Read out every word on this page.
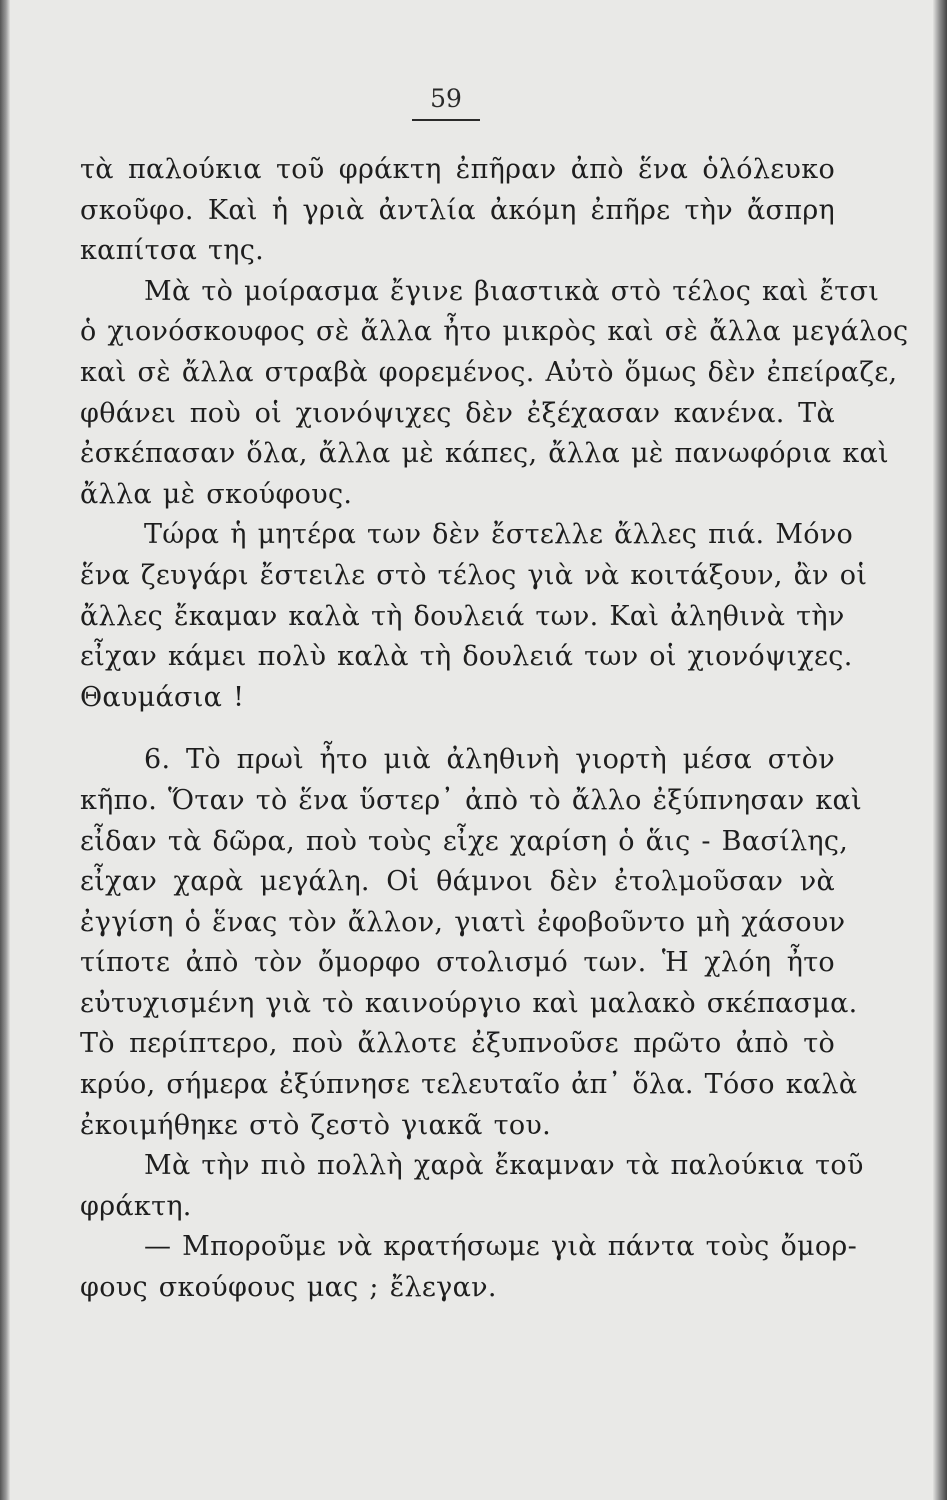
59
τὰ παλούκια τοῦ φράκτη ἐπῆραν ἀπὸ ἕνα ὁλόλευκο
σκοῦφο. Καὶ ἡ γριὰ ἀντλία ἀκόμη ἐπῆρε τὴν ἄσπρη
καπίτσα της.
Μὰ τὸ μοίρασμα ἔγινε βιαστικὰ στὸ τέλος καὶ ἔτσι
ὁ χιονόσκουφος σὲ ἄλλα ἦτο μικρὸς καὶ σὲ ἄλλα μεγάλος
καὶ σὲ ἄλλα στραβὰ φορεμένος. Αὐτὸ ὅμως δὲν ἐπείραζε,
φθάνει ποὺ οἱ χιονόψιχες δὲν ἐξέχασαν κανένα. Τὰ
ἐσκέπασαν ὅλα, ἄλλα μὲ κάπες, ἄλλα μὲ πανωφόρια καὶ
ἄλλα μὲ σκούφους.
Τώρα ἡ μητέρα των δὲν ἔστελλε ἄλλες πιά. Μόνο
ἕνα ζευγάρι ἔστειλε στὸ τέλος γιὰ νὰ κοιτάξουν, ἂν οἱ
ἄλλες ἔκαμαν καλὰ τὴ δουλειά των. Καὶ ἀληθινὰ τὴν
εἶχαν κάμει πολὺ καλὰ τὴ δουλειά των οἱ χιονόψιχες.
Θαυμάσια !
6. Τὸ πρωὶ ἦτο μιὰ ἀληθινὴ γιορτὴ μέσα στὸν
κῆπο. Ὅταν τὸ ἕνα ὕστερ᾽ ἀπὸ τὸ ἄλλο ἐξύπνησαν καὶ
εἶδαν τὰ δῶρα, ποὺ τοὺς εἶχε χαρίση ὁ ἅις - Βασίλης,
εἶχαν χαρὰ μεγάλη. Οἱ θάμνοι δὲν ἐτολμοῦσαν νὰ
ἐγγίση ὁ ἕνας τὸν ἄλλον, γιατὶ ἐφοβοῦντο μὴ χάσουν
τίποτε ἀπὸ τὸν ὄμορφο στολισμό των. Ἡ χλόη ἦτο
εὐτυχισμένη γιὰ τὸ καινούργιο καὶ μαλακὸ σκέπασμα.
Τὸ περίπτερο, ποὺ ἄλλοτε ἐξυπνοῦσε πρῶτο ἀπὸ τὸ
κρύο, σήμερα ἐξύπνησε τελευταῖο ἀπ᾽ ὅλα. Τόσο καλὰ
ἐκοιμήθηκε στὸ ζεστὸ γιακᾶ του.
Μὰ τὴν πιὸ πολλὴ χαρὰ ἔκαμναν τὰ παλούκια τοῦ
φράκτη.
— Μποροῦμε νὰ κρατήσωμε γιὰ πάντα τοὺς ὄμορ-
φους σκούφους μας ; ἔλεγαν.
